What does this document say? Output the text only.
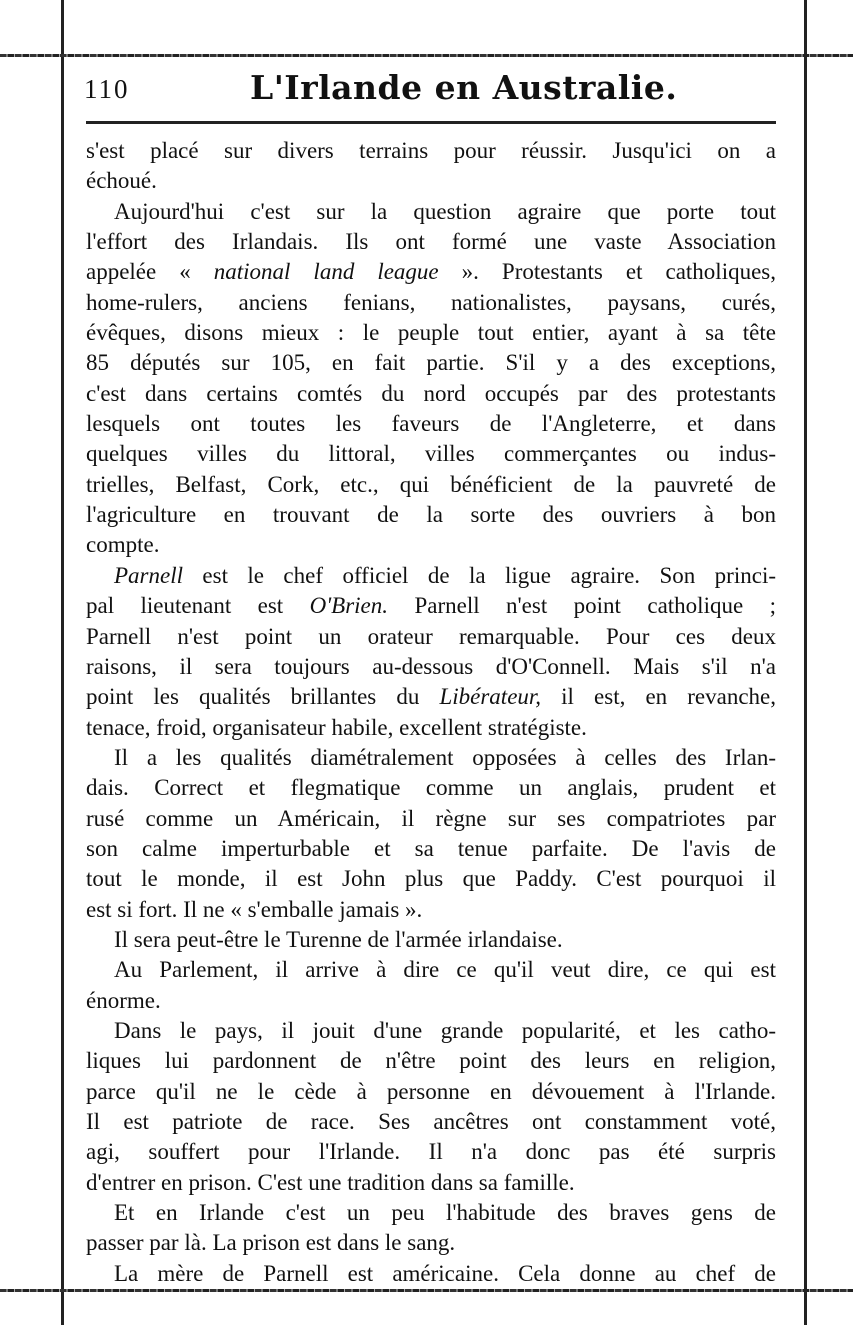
110	L'Irlande en Australie.
s'est placé sur divers terrains pour réussir. Jusqu'ici on a
échoué.
Aujourd'hui c'est sur la question agraire que porte tout
l'effort des Irlandais. Ils ont formé une vaste Association
appelée « national land league ». Protestants et catholiques,
home-rulers, anciens fenians, nationalistes, paysans, curés,
évêques, disons mieux : le peuple tout entier, ayant à sa tête
85 députés sur 105, en fait partie. S'il y a des exceptions,
c'est dans certains comtés du nord occupés par des protestants
lesquels ont toutes les faveurs de l'Angleterre, et dans
quelques villes du littoral, villes commerçantes ou indus-
trielles, Belfast, Cork, etc., qui bénéficient de la pauvreté de
l'agriculture en trouvant de la sorte des ouvriers à bon
compte.
Parnell est le chef officiel de la ligue agraire. Son princi-
pal lieutenant est O'Brien. Parnell n'est point catholique ;
Parnell n'est point un orateur remarquable. Pour ces deux
raisons, il sera toujours au-dessous d'O'Connell. Mais s'il n'a
point les qualités brillantes du Libérateur, il est, en revanche,
tenace, froid, organisateur habile, excellent stratégiste.
Il a les qualités diamétralement opposées à celles des Irlan-
dais. Correct et flegmatique comme un anglais, prudent et
rusé comme un Américain, il règne sur ses compatriotes par
son calme imperturbable et sa tenue parfaite. De l'avis de
tout le monde, il est John plus que Paddy. C'est pourquoi il
est si fort. Il ne « s'emballe jamais ».
Il sera peut-être le Turenne de l'armée irlandaise.
Au Parlement, il arrive à dire ce qu'il veut dire, ce qui est
énorme.
Dans le pays, il jouit d'une grande popularité, et les catho-
liques lui pardonnent de n'être point des leurs en religion,
parce qu'il ne le cède à personne en dévouement à l'Irlande.
Il est patriote de race. Ses ancêtres ont constamment voté,
agi, souffert pour l'Irlande. Il n'a donc pas été surpris
d'entrer en prison. C'est une tradition dans sa famille.
Et en Irlande c'est un peu l'habitude des braves gens de
passer par là. La prison est dans le sang.
La mère de Parnell est américaine. Cela donne au chef de
